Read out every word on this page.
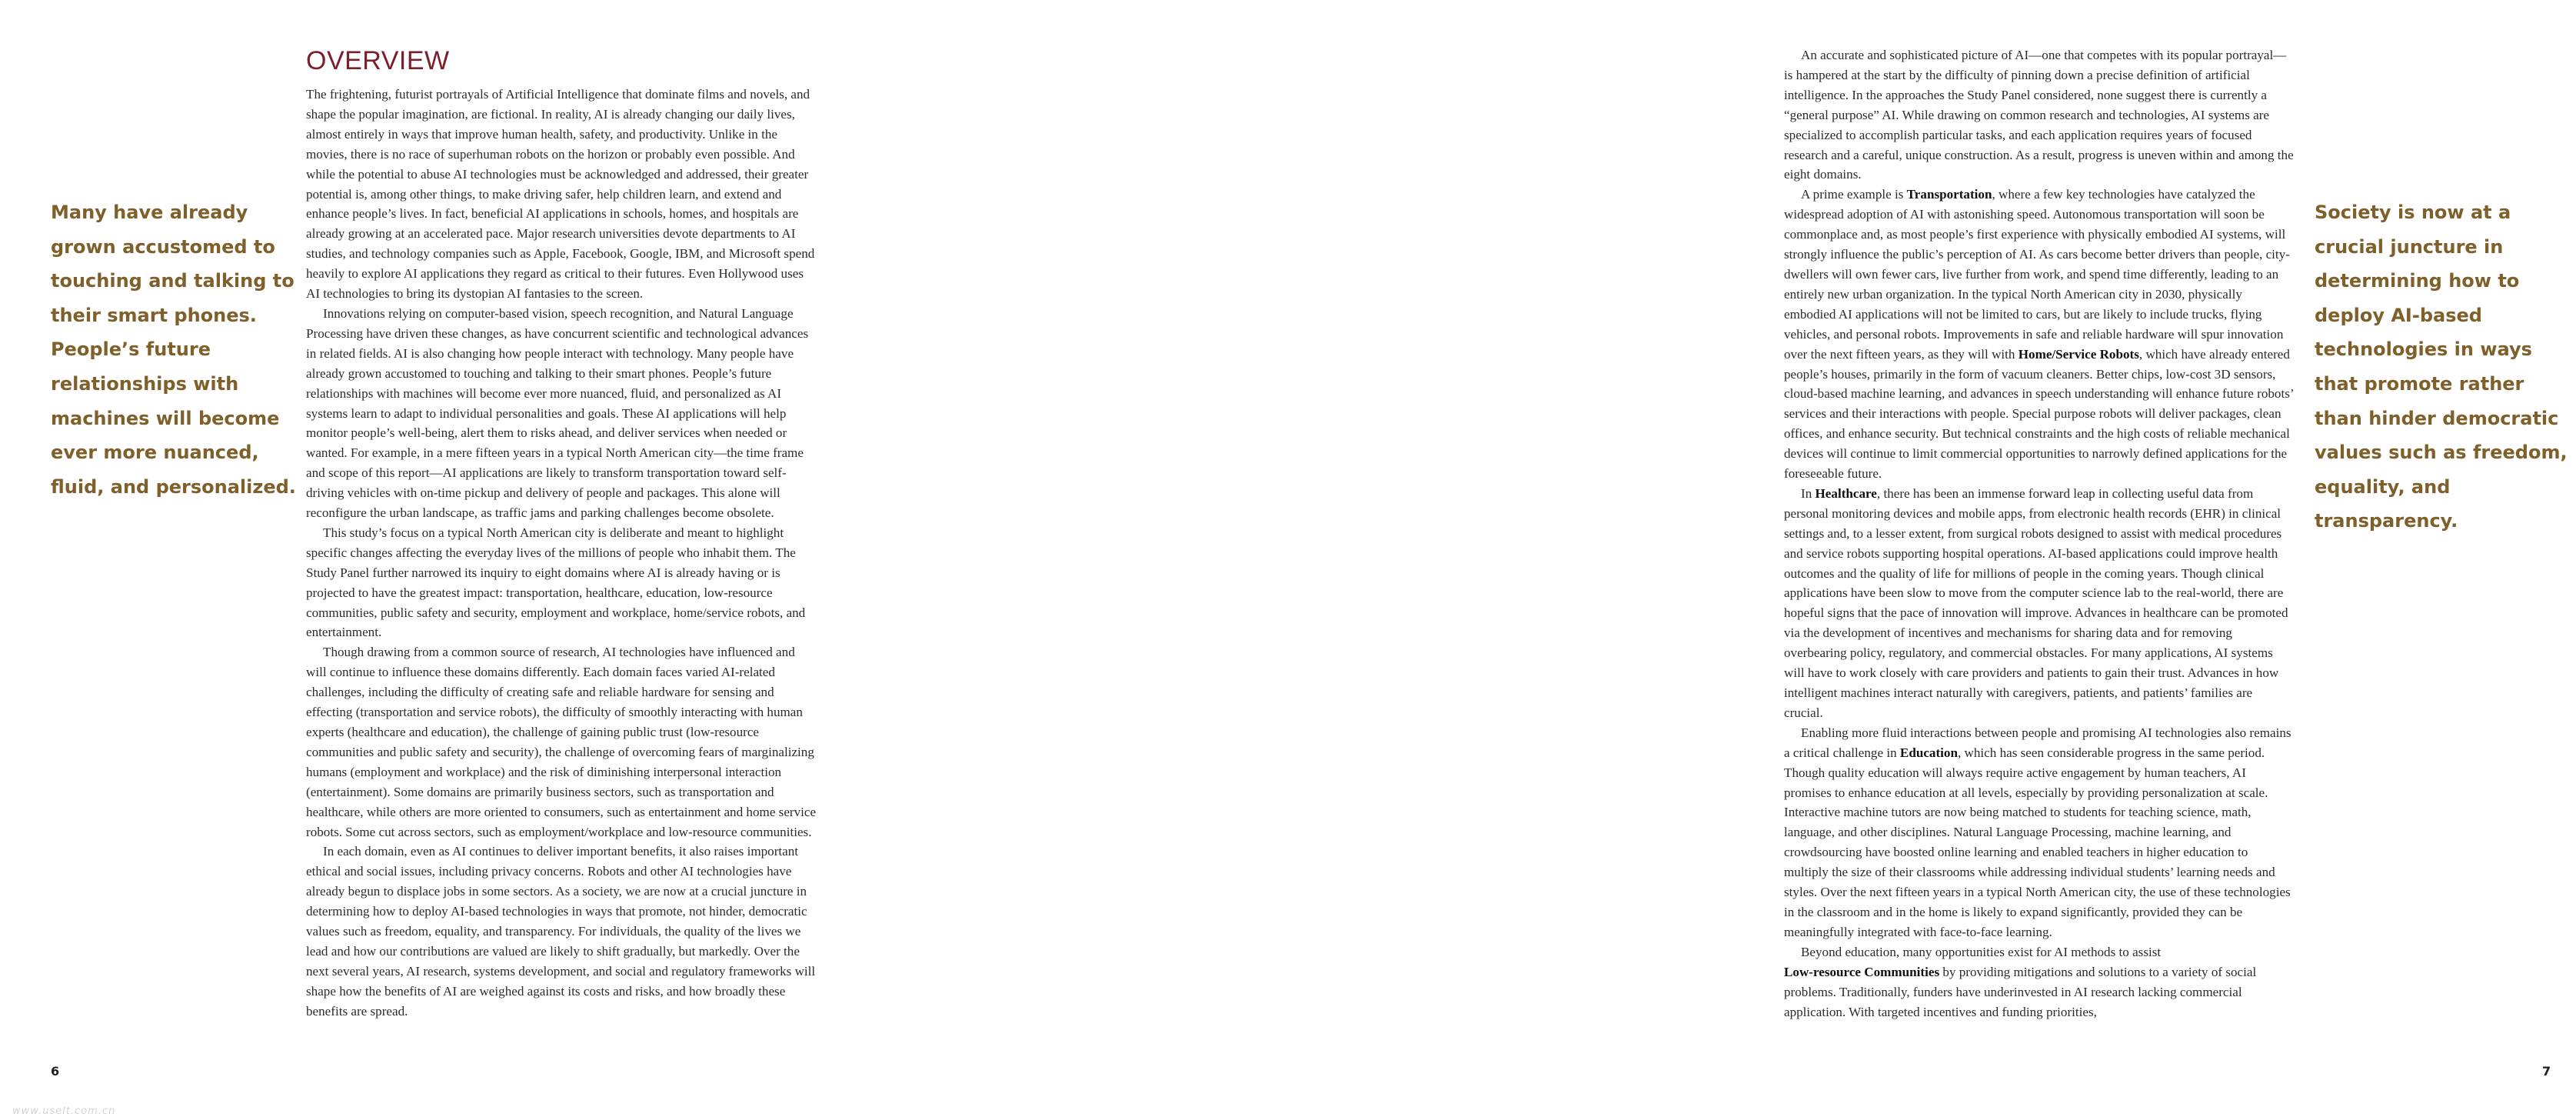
Many have already grown accustomed to touching and talking to their smart phones. People’s future relationships with machines will become ever more nuanced, fluid, and personalized.

OVERVIEW

The frightening, futurist portrayals of Artificial Intelligence that dominate films and novels, and shape the popular imagination, are fictional. In reality, AI is already changing our daily lives, almost entirely in ways that improve human health, safety, and productivity. Unlike in the movies, there is no race of superhuman robots on the horizon or probably even possible. And while the potential to abuse AI technologies must be acknowledged and addressed, their greater potential is, among other things, to make driving safer, help children learn, and extend and enhance people’s lives. In fact, beneficial AI applications in schools, homes, and hospitals are already growing at an accelerated pace. Major research universities devote departments to AI studies, and technology companies such as Apple, Facebook, Google, IBM, and Microsoft spend heavily to explore AI applications they regard as critical to their futures. Even Hollywood uses AI technologies to bring its dystopian AI fantasies to the screen.

Innovations relying on computer-based vision, speech recognition, and Natural Language Processing have driven these changes, as have concurrent scientific and technological advances in related fields. AI is also changing how people interact with technology. Many people have already grown accustomed to touching and talking to their smart phones. People’s future relationships with machines will become ever more nuanced, fluid, and personalized as AI systems learn to adapt to individual personalities and goals. These AI applications will help monitor people’s well-being, alert them to risks ahead, and deliver services when needed or wanted. For example, in a mere fifteen years in a typical North American city—the time frame and scope of this report—AI applications are likely to transform transportation toward self-driving vehicles with on-time pickup and delivery of people and packages. This alone will reconfigure the urban landscape, as traffic jams and parking challenges become obsolete.

This study’s focus on a typical North American city is deliberate and meant to highlight specific changes affecting the everyday lives of the millions of people who inhabit them. The Study Panel further narrowed its inquiry to eight domains where AI is already having or is projected to have the greatest impact: transportation, healthcare, education, low-resource communities, public safety and security, employment and workplace, home/service robots, and entertainment.

Though drawing from a common source of research, AI technologies have influenced and will continue to influence these domains differently. Each domain faces varied AI-related challenges, including the difficulty of creating safe and reliable hardware for sensing and effecting (transportation and service robots), the difficulty of smoothly interacting with human experts (healthcare and education), the challenge of gaining public trust (low-resource communities and public safety and security), the challenge of overcoming fears of marginalizing humans (employment and workplace) and the risk of diminishing interpersonal interaction (entertainment). Some domains are primarily business sectors, such as transportation and healthcare, while others are more oriented to consumers, such as entertainment and home service robots. Some cut across sectors, such as employment/workplace and low-resource communities.

In each domain, even as AI continues to deliver important benefits, it also raises important ethical and social issues, including privacy concerns. Robots and other AI technologies have already begun to displace jobs in some sectors. As a society, we are now at a crucial juncture in determining how to deploy AI-based technologies in ways that promote, not hinder, democratic values such as freedom, equality, and transparency. For individuals, the quality of the lives we lead and how our contributions are valued are likely to shift gradually, but markedly. Over the next several years, AI research, systems development, and social and regulatory frameworks will shape how the benefits of AI are weighed against its costs and risks, and how broadly these benefits are spread.

6

An accurate and sophisticated picture of AI—one that competes with its popular portrayal—is hampered at the start by the difficulty of pinning down a precise definition of artificial intelligence. In the approaches the Study Panel considered, none suggest there is currently a “general purpose” AI. While drawing on common research and technologies, AI systems are specialized to accomplish particular tasks, and each application requires years of focused research and a careful, unique construction. As a result, progress is uneven within and among the eight domains.

A prime example is Transportation, where a few key technologies have catalyzed the widespread adoption of AI with astonishing speed. Autonomous transportation will soon be commonplace and, as most people’s first experience with physically embodied AI systems, will strongly influence the public’s perception of AI. As cars become better drivers than people, city-dwellers will own fewer cars, live further from work, and spend time differently, leading to an entirely new urban organization. In the typical North American city in 2030, physically embodied AI applications will not be limited to cars, but are likely to include trucks, flying vehicles, and personal robots. Improvements in safe and reliable hardware will spur innovation over the next fifteen years, as they will with Home/Service Robots, which have already entered people’s houses, primarily in the form of vacuum cleaners. Better chips, low-cost 3D sensors, cloud-based machine learning, and advances in speech understanding will enhance future robots’ services and their interactions with people. Special purpose robots will deliver packages, clean offices, and enhance security. But technical constraints and the high costs of reliable mechanical devices will continue to limit commercial opportunities to narrowly defined applications for the foreseeable future.

In Healthcare, there has been an immense forward leap in collecting useful data from personal monitoring devices and mobile apps, from electronic health records (EHR) in clinical settings and, to a lesser extent, from surgical robots designed to assist with medical procedures and service robots supporting hospital operations. AI-based applications could improve health outcomes and the quality of life for millions of people in the coming years. Though clinical applications have been slow to move from the computer science lab to the real-world, there are hopeful signs that the pace of innovation will improve. Advances in healthcare can be promoted via the development of incentives and mechanisms for sharing data and for removing overbearing policy, regulatory, and commercial obstacles. For many applications, AI systems will have to work closely with care providers and patients to gain their trust. Advances in how intelligent machines interact naturally with caregivers, patients, and patients’ families are crucial.

Enabling more fluid interactions between people and promising AI technologies also remains a critical challenge in Education, which has seen considerable progress in the same period. Though quality education will always require active engagement by human teachers, AI promises to enhance education at all levels, especially by providing personalization at scale. Interactive machine tutors are now being matched to students for teaching science, math, language, and other disciplines. Natural Language Processing, machine learning, and crowdsourcing have boosted online learning and enabled teachers in higher education to multiply the size of their classrooms while addressing individual students’ learning needs and styles. Over the next fifteen years in a typical North American city, the use of these technologies in the classroom and in the home is likely to expand significantly, provided they can be meaningfully integrated with face-to-face learning.

Beyond education, many opportunities exist for AI methods to assist
Low-resource Communities by providing mitigations and solutions to a variety of social problems. Traditionally, funders have underinvested in AI research lacking commercial application. With targeted incentives and funding priorities,

Society is now at a crucial juncture in determining how to deploy AI-based technologies in ways that promote rather than hinder democratic values such as freedom, equality, and transparency.

7

www.uselt.com.cn
